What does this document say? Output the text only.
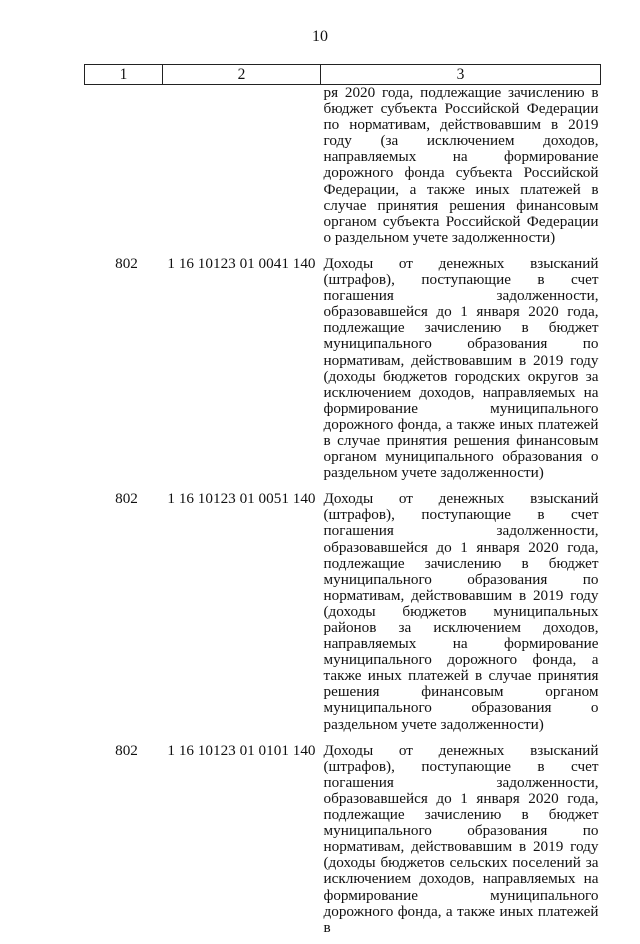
10
1	2	3
		ря 2020 года, подлежащие зачислению в бюджет субъекта Российской Федерации по нормативам, действовавшим в 2019 году (за исключением доходов, направляемых на формирование дорожного фонда субъекта Российской Федерации, а также иных платежей в случае принятия решения финансовым органом субъекта Российской Федерации о раздельном учете задолженности)
802	1 16 10123 01 0041 140	Доходы от денежных взысканий (штрафов), поступающие в счет погашения задолженности, образовавшейся до 1 января 2020 года, подлежащие зачислению в бюджет муниципального образования по нормативам, действовавшим в 2019 году (доходы бюджетов городских округов за исключением доходов, направляемых на формирование муниципального дорожного фонда, а также иных платежей в случае принятия решения финансовым органом муниципального образования о раздельном учете задолженности)
802	1 16 10123 01 0051 140	Доходы от денежных взысканий (штрафов), поступающие в счет погашения задолженности, образовавшейся до 1 января 2020 года, подлежащие зачислению в бюджет муниципального образования по нормативам, действовавшим в 2019 году (доходы бюджетов муниципальных районов за исключением доходов, направляемых на формирование муниципального дорожного фонда, а также иных платежей в случае принятия решения финансовым органом муниципального образования о раздельном учете задолженности)
802	1 16 10123 01 0101 140	Доходы от денежных взысканий (штрафов), поступающие в счет погашения задолженности, образовавшейся до 1 января 2020 года, подлежащие зачислению в бюджет муниципального образования по нормативам, действовавшим в 2019 году (доходы бюджетов сельских поселений за исключением доходов, направляемых на формирование муниципального дорожного фонда, а также иных платежей в
